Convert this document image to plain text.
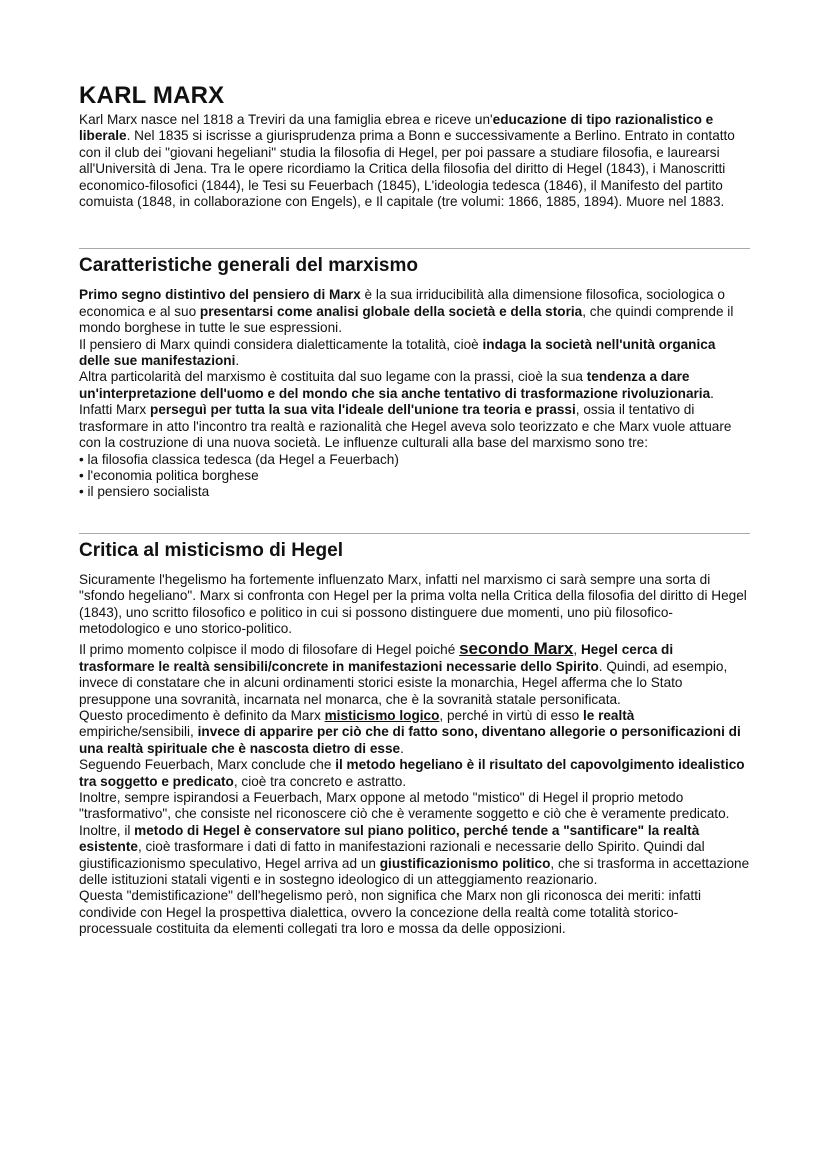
KARL MARX

Karl Marx nasce nel 1818 a Treviri da una famiglia ebrea e riceve un'educazione di tipo razionalistico e liberale. Nel 1835 si iscrisse a giurisprudenza prima a Bonn e successivamente a Berlino. Entrato in contatto con il club dei "giovani hegeliani" studia la filosofia di Hegel, per poi passare a studiare filosofia, e laurearsi all'Università di Jena. Tra le opere ricordiamo la Critica della filosofia del diritto di Hegel (1843), i Manoscritti economico-filosofici (1844), le Tesi su Feuerbach (1845), L'ideologia tedesca (1846), il Manifesto del partito comuista (1848, in collaborazione con Engels), e Il capitale (tre volumi: 1866, 1885, 1894). Muore nel 1883.

Caratteristiche generali del marxismo

Primo segno distintivo del pensiero di Marx è la sua irriducibilità alla dimensione filosofica, sociologica o economica e al suo presentarsi come analisi globale della società e della storia, che quindi comprende il mondo borghese in tutte le sue espressioni.

Il pensiero di Marx quindi considera dialetticamente la totalità, cioè indaga la società nell'unità organica delle sue manifestazioni.

Altra particolarità del marxismo è costituita dal suo legame con la prassi, cioè la sua tendenza a dare un'interpretazione dell'uomo e del mondo che sia anche tentativo di trasformazione rivoluzionaria. Infatti Marx perseguì per tutta la sua vita l'ideale dell'unione tra teoria e prassi, ossia il tentativo di trasformare in atto l'incontro tra realtà e razionalità che Hegel aveva solo teorizzato e che Marx vuole attuare con la costruzione di una nuova società. Le influenze culturali alla base del marxismo sono tre:

• la filosofia classica tedesca (da Hegel a Feuerbach)
• l'economia politica borghese
• il pensiero socialista
Critica al misticismo di Hegel

Sicuramente l'hegelismo ha fortemente influenzato Marx, infatti nel marxismo ci sarà sempre una sorta di "sfondo hegeliano". Marx si confronta con Hegel per la prima volta nella Critica della filosofia del diritto di Hegel (1843), uno scritto filosofico e politico in cui si possono distinguere due momenti, uno più filosofico-metodologico e uno storico-politico.

Il primo momento colpisce il modo di filosofare di Hegel poiché secondo Marx, Hegel cerca di trasformare le realtà sensibili/concrete in manifestazioni necessarie dello Spirito. Quindi, ad esempio, invece di constatare che in alcuni ordinamenti storici esiste la monarchia, Hegel afferma che lo Stato presuppone una sovranità, incarnata nel monarca, che è la sovranità statale personificata.

Questo procedimento è definito da Marx misticismo logico, perché in virtù di esso le realtà empiriche/sensibili, invece di apparire per ciò che di fatto sono, diventano allegorie o personificazioni di una realtà spirituale che è nascosta dietro di esse.

Seguendo Feuerbach, Marx conclude che il metodo hegeliano è il risultato del capovolgimento idealistico tra soggetto e predicato, cioè tra concreto e astratto.

Inoltre, sempre ispirandosi a Feuerbach, Marx oppone al metodo "mistico" di Hegel il proprio metodo "trasformativo", che consiste nel riconoscere ciò che è veramente soggetto e ciò che è veramente predicato. Inoltre, il metodo di Hegel è conservatore sul piano politico, perché tende a "santificare" la realtà esistente, cioè trasformare i dati di fatto in manifestazioni razionali e necessarie dello Spirito. Quindi dal giustificazionismo speculativo, Hegel arriva ad un giustificazionismo politico, che si trasforma in accettazione delle istituzioni statali vigenti e in sostegno ideologico di un atteggiamento reazionario.

Questa "demistificazione" dell'hegelismo però, non significa che Marx non gli riconosca dei meriti: infatti condivide con Hegel la prospettiva dialettica, ovvero la concezione della realtà come totalità storico-processuale costituita da elementi collegati tra loro e mossa da delle opposizioni.
